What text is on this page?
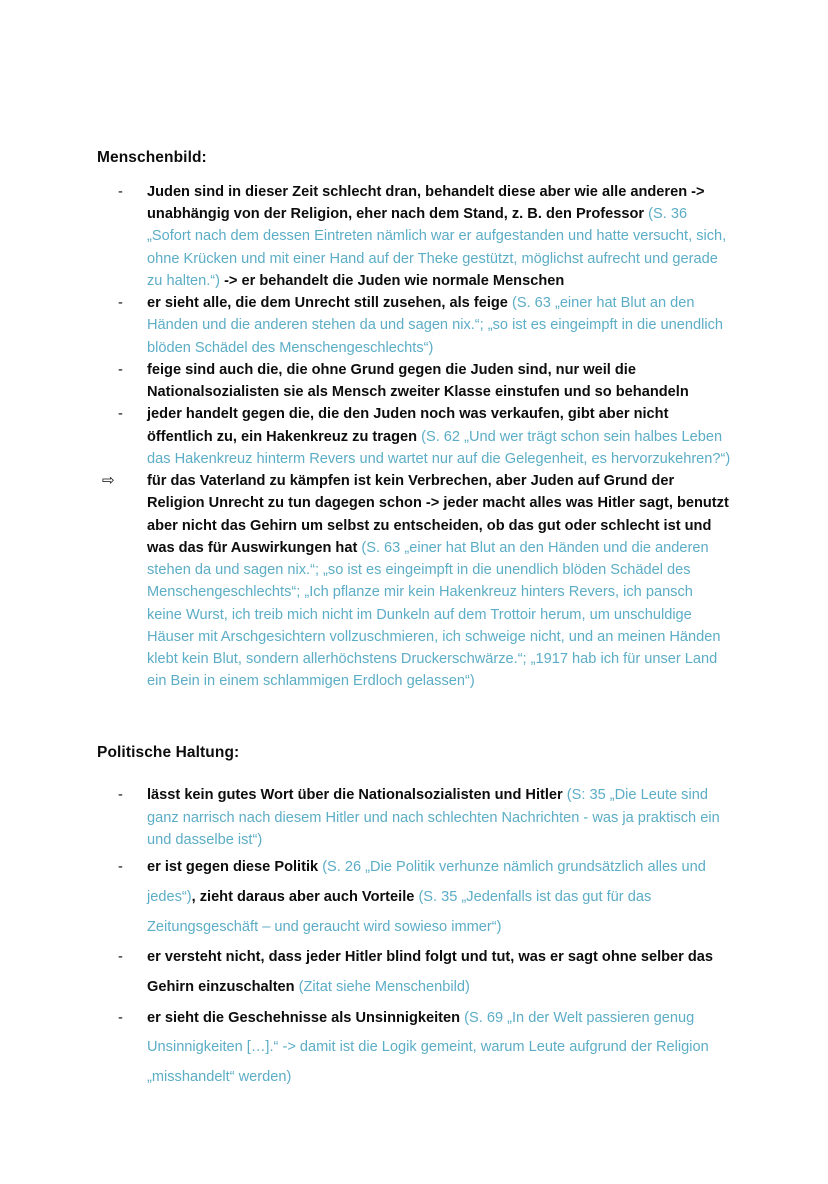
Menschenbild:
-	Juden sind in dieser Zeit schlecht dran, behandelt diese aber wie alle anderen -> unabhängig von der Religion, eher nach dem Stand, z. B. den Professor (S. 36 „Sofort nach dem dessen Eintreten nämlich war er aufgestanden und hatte versucht, sich, ohne Krücken und mit einer Hand auf der Theke gestützt, möglichst aufrecht und gerade zu halten.“) -> er behandelt die Juden wie normale Menschen
-	er sieht alle, die dem Unrecht still zusehen, als feige (S. 63 „einer hat Blut an den Händen und die anderen stehen da und sagen nix.“; „so ist es eingeimpft in die unendlich blöden Schädel des Menschengeschlechts“)
-	feige sind auch die, die ohne Grund gegen die Juden sind, nur weil die Nationalsozialisten sie als Mensch zweiter Klasse einstufen und so behandeln
-	jeder handelt gegen die, die den Juden noch was verkaufen, gibt aber nicht öffentlich zu, ein Hakenkreuz zu tragen (S. 62 „Und wer trägt schon sein halbes Leben das Hakenkreuz hinterm Revers und wartet nur auf die Gelegenheit, es hervorzukehren?“)
⇨	für das Vaterland zu kämpfen ist kein Verbrechen, aber Juden auf Grund der Religion Unrecht zu tun dagegen schon -> jeder macht alles was Hitler sagt, benutzt aber nicht das Gehirn um selbst zu entscheiden, ob das gut oder schlecht ist und was das für Auswirkungen hat (S. 63 „einer hat Blut an den Händen und die anderen stehen da und sagen nix.“; „so ist es eingeimpft in die unendlich blöden Schädel des Menschengeschlechts“; „Ich pflanze mir kein Hakenkreuz hinters Revers, ich pansch keine Wurst, ich treib mich nicht im Dunkeln auf dem Trottoir herum, um unschuldige Häuser mit Arschgesichtern vollzuschmieren, ich schweige nicht, und an meinen Händen klebt kein Blut, sondern allerhöchstens Druckerschwärze.“; „1917 hab ich für unser Land ein Bein in einem schlammigen Erdloch gelassen“)
Politische Haltung:
-	lässt kein gutes Wort über die Nationalsozialisten und Hitler (S: 35 „Die Leute sind ganz narrisch nach diesem Hitler und nach schlechten Nachrichten - was ja praktisch ein und dasselbe ist“)
-	er ist gegen diese Politik (S. 26 „Die Politik verhunze nämlich grundsätzlich alles und jedes“), zieht daraus aber auch Vorteile (S. 35 „Jedenfalls ist das gut für das Zeitungsgeschäft – und geraucht wird sowieso immer“)
-	er versteht nicht, dass jeder Hitler blind folgt und tut, was er sagt ohne selber das Gehirn einzuschalten (Zitat siehe Menschenbild)
-	er sieht die Geschehnisse als Unsinnigkeiten (S. 69 „In der Welt passieren genug Unsinnigkeiten […].“ -> damit ist die Logik gemeint, warum Leute aufgrund der Religion „misshandelt“ werden)
